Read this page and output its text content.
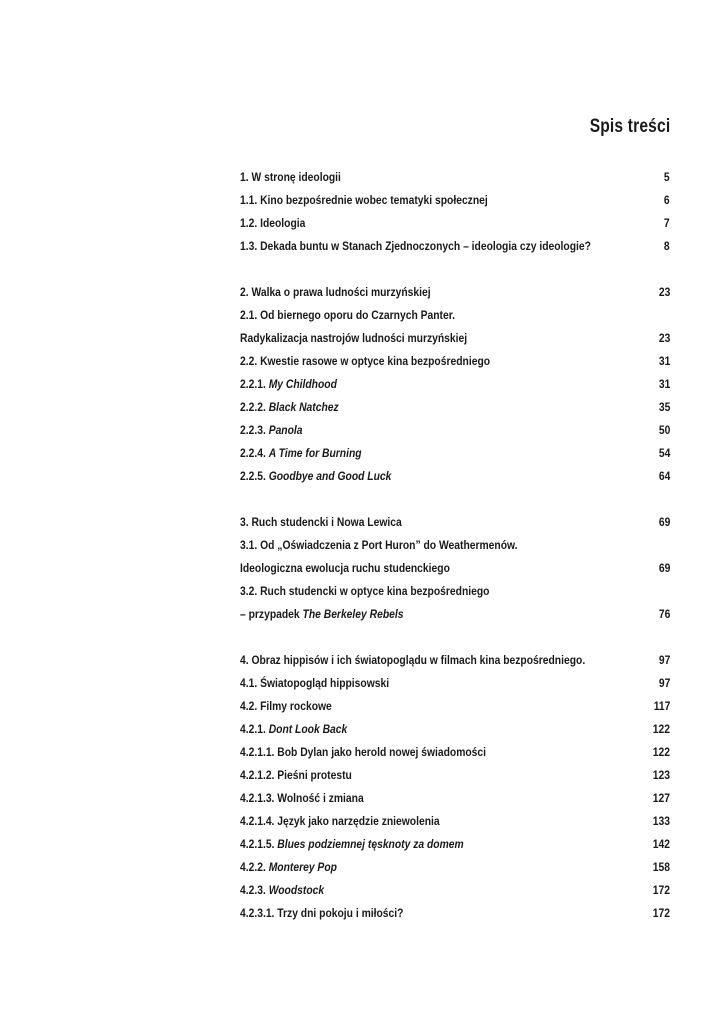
Spis treści
1. W stronę ideologii	5
1.1. Kino bezpośrednie wobec tematyki społecznej	6
1.2. Ideologia	7
1.3. Dekada buntu w Stanach Zjednoczonych – ideologia czy ideologie?	8
2. Walka o prawa ludności murzyńskiej	23
2.1. Od biernego oporu do Czarnych Panter.
Radykalizacja nastrojów ludności murzyńskiej	23
2.2. Kwestie rasowe w optyce kina bezpośredniego	31
2.2.1. My Childhood	31
2.2.2. Black Natchez	35
2.2.3. Panola	50
2.2.4. A Time for Burning	54
2.2.5. Goodbye and Good Luck	64
3. Ruch studencki i Nowa Lewica	69
3.1. Od „Oświadczenia z Port Huron” do Weathermenów.
Ideologiczna ewolucja ruchu studenckiego	69
3.2. Ruch studencki w optyce kina bezpośredniego
– przypadek The Berkeley Rebels	76
4. Obraz hippisów i ich światopoglądu w filmach kina bezpośredniego.	97
4.1. Światopogląd hippisowski	97
4.2. Filmy rockowe	117
4.2.1. Dont Look Back	122
4.2.1.1. Bob Dylan jako herold nowej świadomości	122
4.2.1.2. Pieśni protestu	123
4.2.1.3. Wolność i zmiana	127
4.2.1.4. Język jako narzędzie zniewolenia	133
4.2.1.5. Blues podziemnej tęsknoty za domem	142
4.2.2. Monterey Pop	158
4.2.3. Woodstock	172
4.2.3.1. Trzy dni pokoju i miłości?	172
